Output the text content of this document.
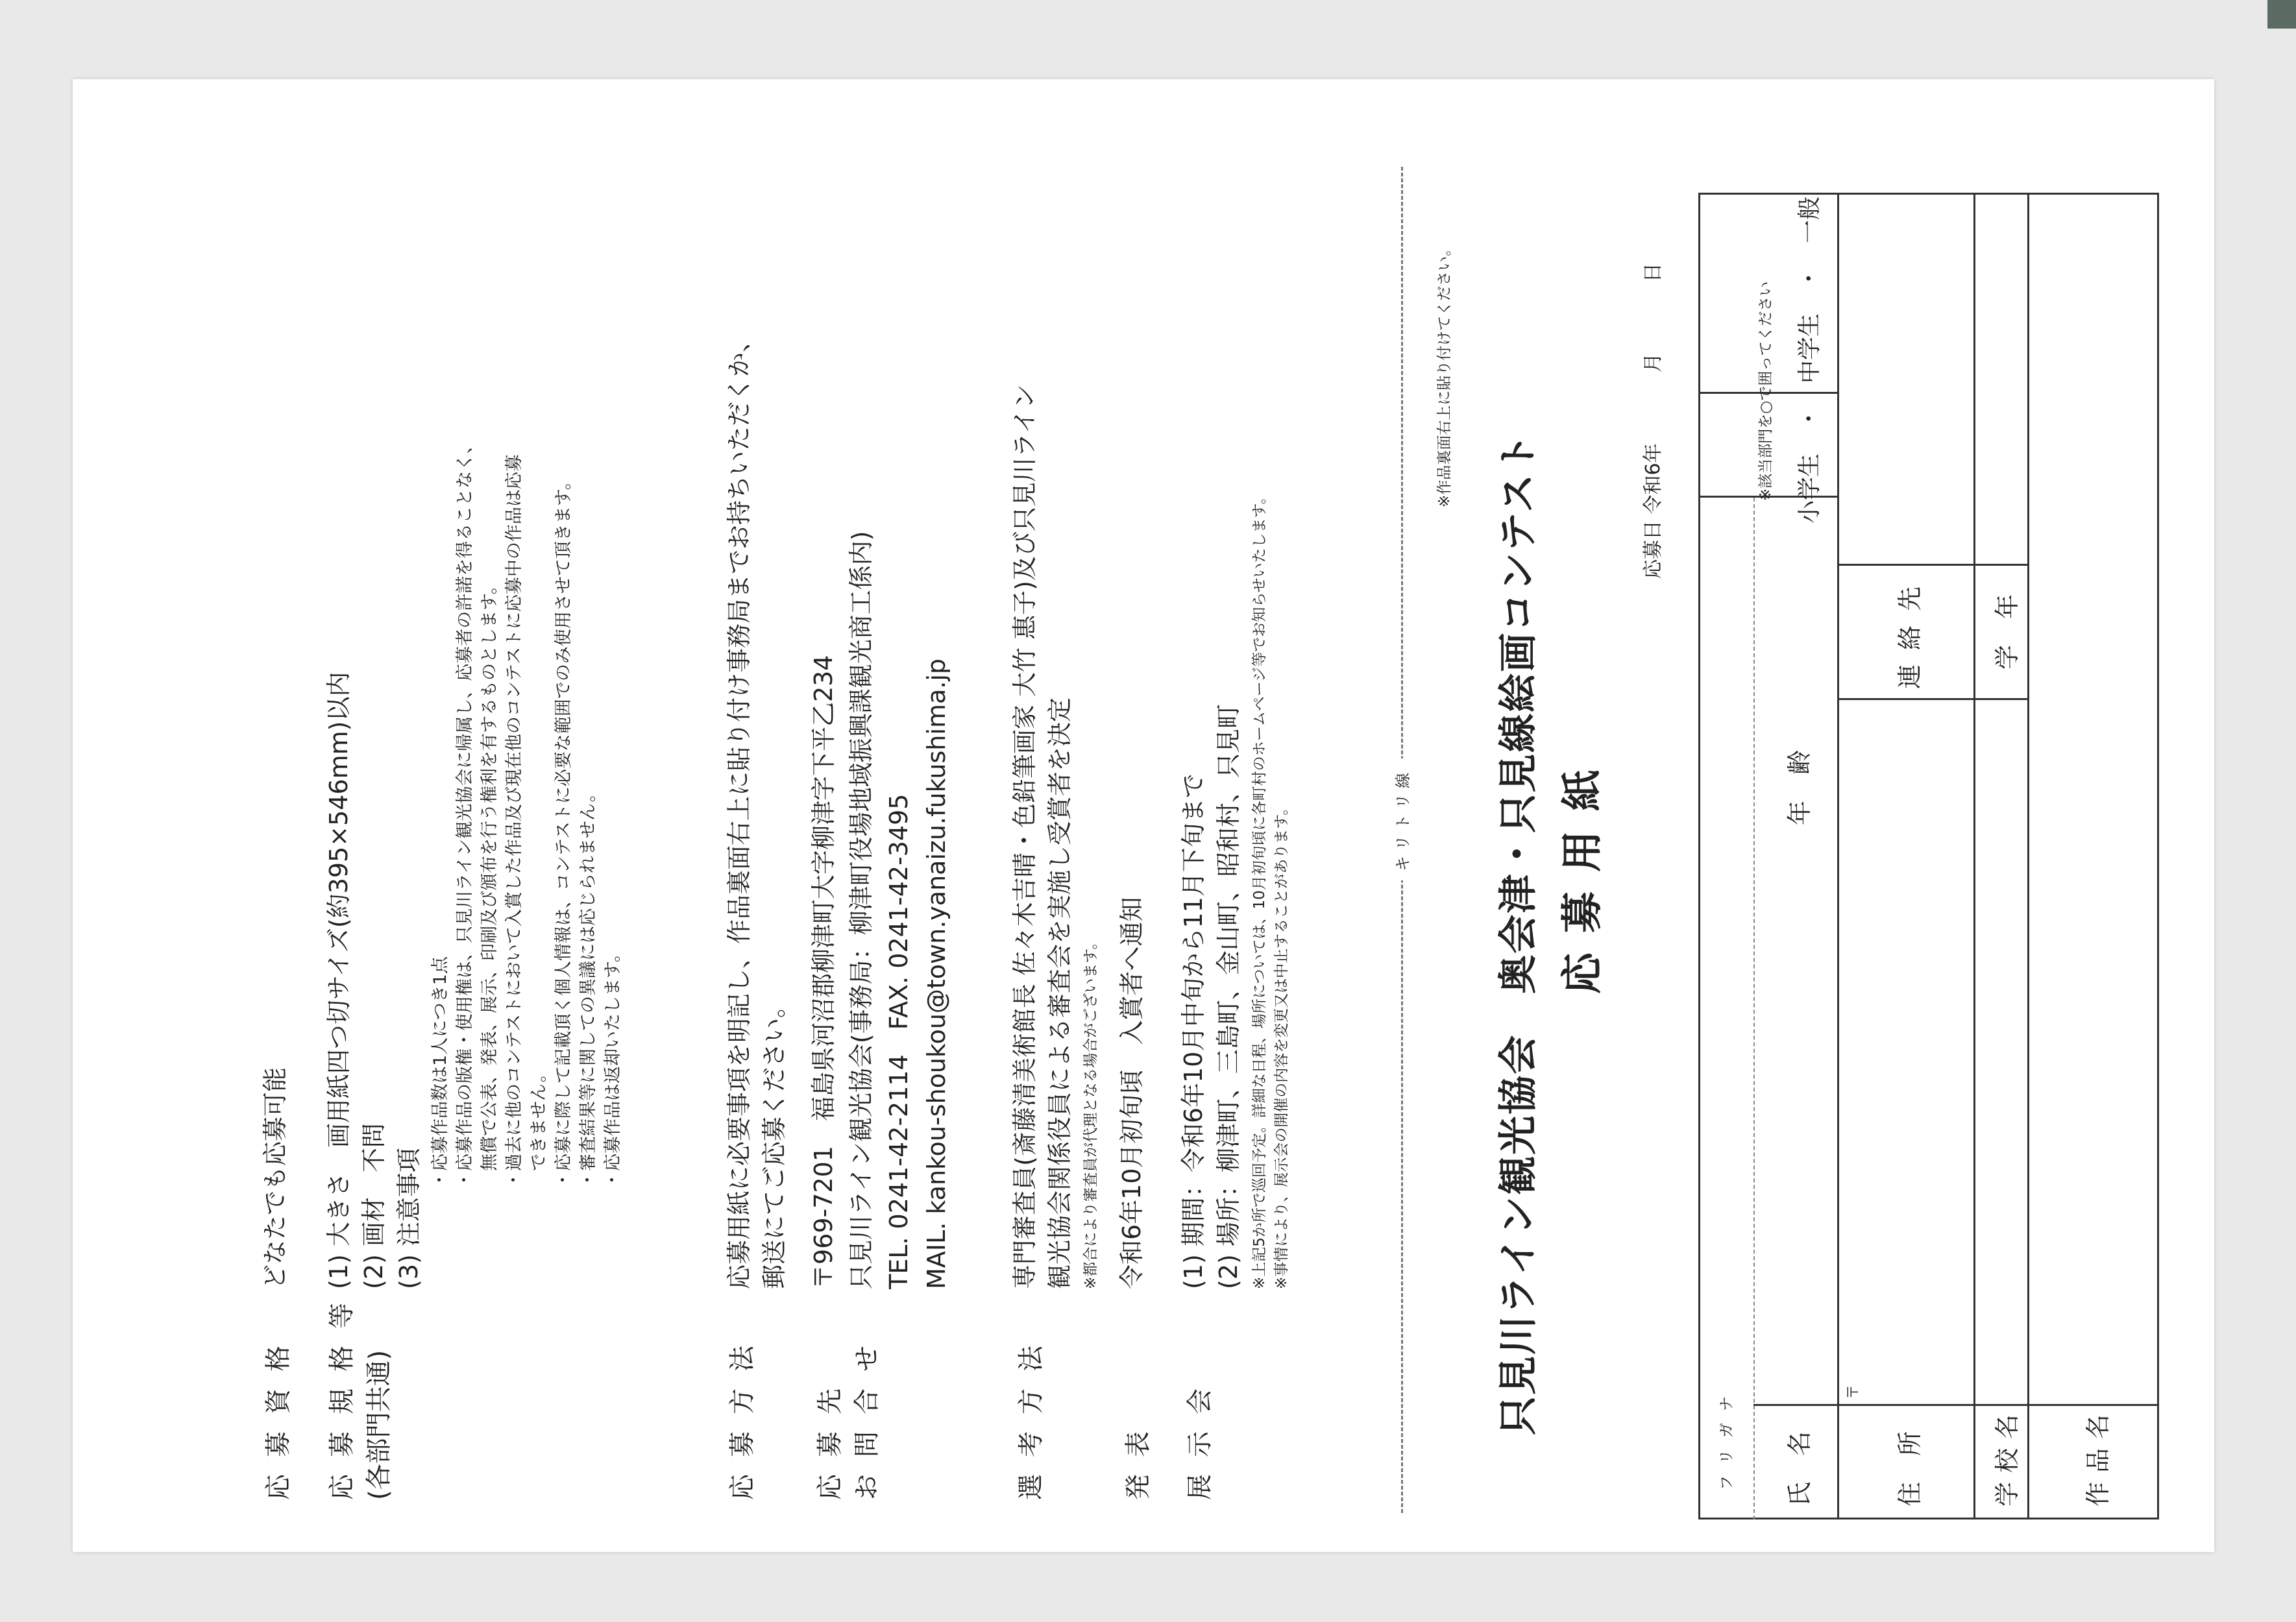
応募資格
どなたでも応募可能
応募規格等 (各部門共通)
(1) 大きさ　画用紙四つ切サイズ(約395×546mm)以内 (2) 画材　不問 (3) 注意事項
・応募作品数は1人につき1点 ・応募作品の版権・使用権は、只見川ライン観光協会に帰属し、応募者の許諾を得ることなく、 　無償で公表、発表、展示、印刷及び頒布を行う権利を有するものとします。 ・過去に他のコンテストにおいて入賞した作品及び現在他のコンテストに応募中の作品は応募 　できません。 ・応募に際して記載頂く個人情報は、コンテストに必要な範囲でのみ使用させて頂きます。 ・審査結果等に関しての異議には応じられません。 ・応募作品は返却いたします。
応募方法
応募用紙に必要事項を明記し、作品裏面右上に貼り付け事務局までお持ちいただくか、 郵送にてご応募ください。
応募先 お問合せ
〒969-7201　福島県河沼郡柳津町大字柳津字下平乙234 只見川ライン観光協会(事務局：柳津町役場地域振興課観光商工係内) TEL. 0241-42-2114　FAX. 0241-42-3495 MAIL. kankou-shoukou@town.yanaizu.fukushima.jp
選考方法
専門審査員(斎藤清美術館長 佐々木吉晴・色鉛筆画家 大竹 惠子)及び只見川ライン 観光協会関係役員による審査会を実施し受賞者を決定 ※都合により審査員が代理となる場合がございます。
発表
令和6年10月初旬頃　入賞者へ通知
展示会
(1) 期間：令和6年10月中旬から11月下旬まで (2) 場所：柳津町、三島町、金山町、昭和村、只見町 ※上記5か所で巡回予定。詳細な日程、場所については、10月初旬頃に各町村のホームページ等でお知らせいたします。 ※事情により、展示会の開催の内容を変更又は中止することがあります。	キリトリ線
※作品裏面右上に貼り付けてください。
只見川ライン観光協会　奥会津・只見線絵画コンテスト 応募用紙
応募日 令和6年  月  日
フリガナ
※該当部門を○で囲ってください 小学生　・　中学生　・　一般
氏名
年齢
住所
〒
連絡先
学校名
学年
作品名
